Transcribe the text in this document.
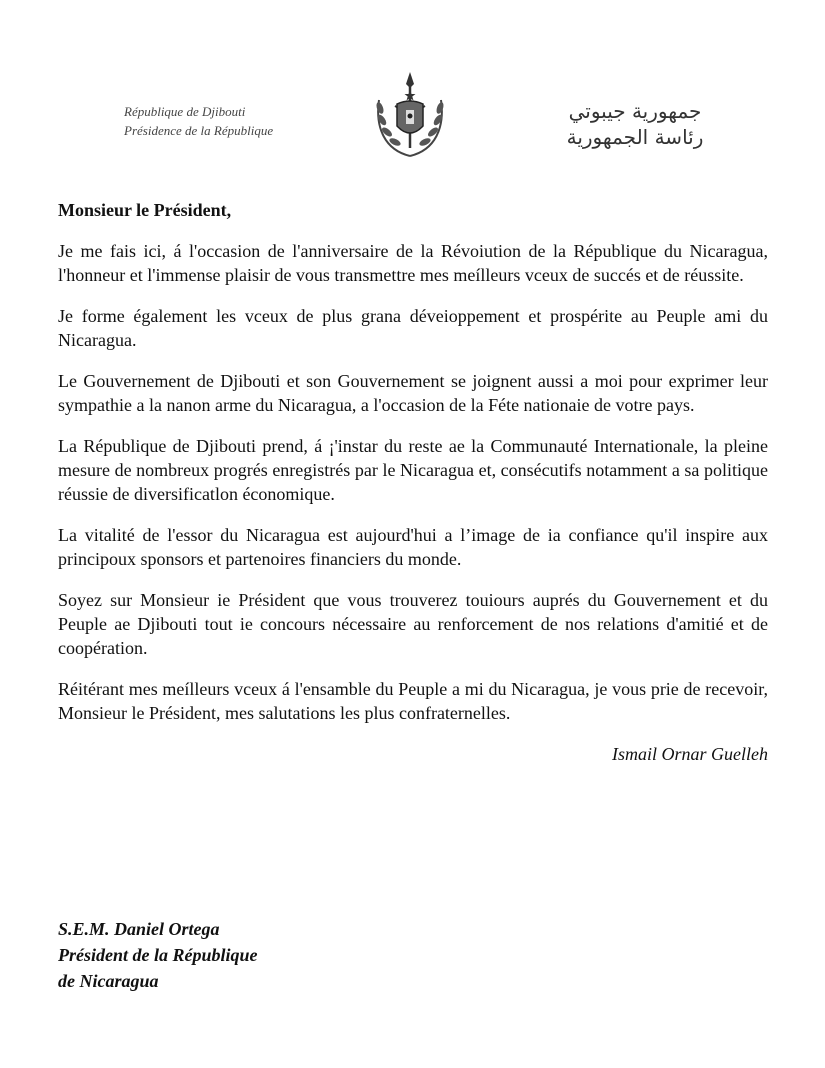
République de Djibouti
Présidence de la République
جمهورية جيبوتي
رئاسة الجمهورية

Monsieur le Président,

Je me fais ici, á l'occasion de l'anniversaire de la Révoiution de la République du Nicaragua, l'honneur et l'immense plaisir de vous transmettre mes meílleurs vceux de succés et de réussite.

Je forme également les vceux de plus grana déveioppement et prospérite au Peuple ami du Nicaragua.

Le Gouvernement de Djibouti et son Gouvernement se joignent aussi a moi pour exprimer leur sympathie a la nanon arme du Nicaragua, a l'occasion de la Féte nationaie de votre pays.

La République de Djibouti prend, á ¡'instar du reste ae la Communauté Internationale, la pleine mesure de nombreux progrés enregistrés par le Nicaragua et, consécutifs notamment a sa politique réussie de diversificatlon économique.

La vitalité de l'essor du Nicaragua est aujourd'hui a l’image de ia confiance qu'il inspire aux principoux sponsors et partenoires financiers du monde.

Soyez sur Monsieur ie Président que vous trouverez touiours auprés du Gouvernement et du Peuple ae Djibouti tout ie concours nécessaire au renforcement de nos relations d'amitié et de coopération.

Réitérant mes meílleurs vceux á l'ensamble du Peuple a mi du Nicaragua, je vous prie de recevoir, Monsieur le Président, mes salutations les plus confraternelles.

Ismail Ornar Guelleh
S.E.M. Daniel Ortega
Président de la République
de Nicaragua
